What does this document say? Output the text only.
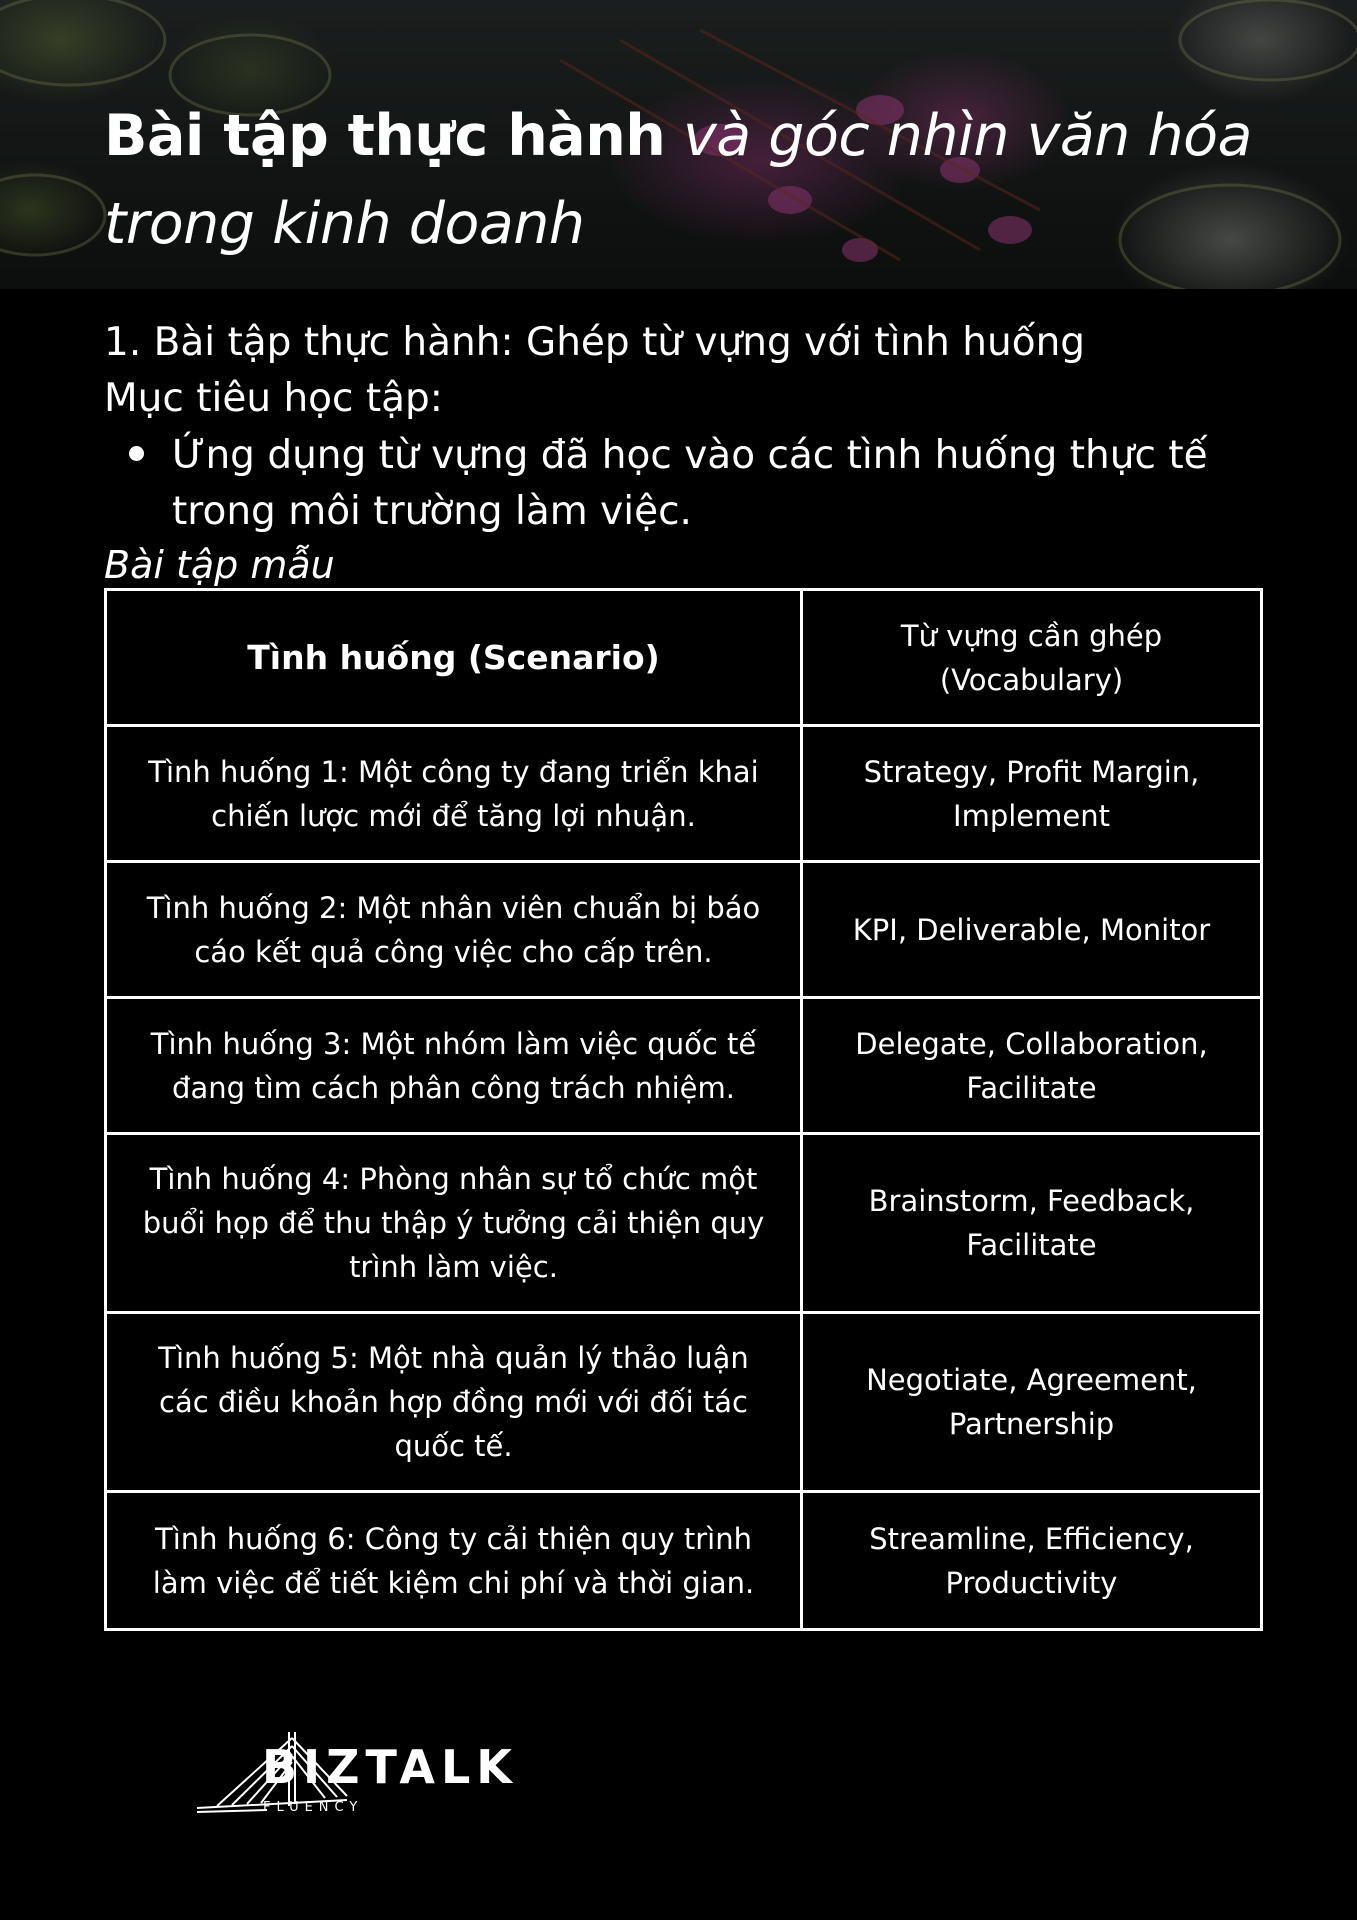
Bài tập thực hành và góc nhìn văn hóa
trong kinh doanh

1. Bài tập thực hành: Ghép từ vựng với tình huống

Mục tiêu học tập:

Ứng dụng từ vựng đã học vào các tình huống thực tế trong môi trường làm việc.

Bài tập mẫu

Tình huống (Scenario)	Từ vựng cần ghép (Vocabulary)
Tình huống 1: Một công ty đang triển khai chiến lược mới để tăng lợi nhuận.	Strategy, Profit Margin, Implement
Tình huống 2: Một nhân viên chuẩn bị báo cáo kết quả công việc cho cấp trên.	KPI, Deliverable, Monitor
Tình huống 3: Một nhóm làm việc quốc tế đang tìm cách phân công trách nhiệm.	Delegate, Collaboration, Facilitate
Tình huống 4: Phòng nhân sự tổ chức một buổi họp để thu thập ý tưởng cải thiện quy trình làm việc.	Brainstorm, Feedback, Facilitate
Tình huống 5: Một nhà quản lý thảo luận các điều khoản hợp đồng mới với đối tác quốc tế.	Negotiate, Agreement, Partnership
Tình huống 6: Công ty cải thiện quy trình làm việc để tiết kiệm chi phí và thời gian.	Streamline, Efficiency, Productivity

BIZTALK

FLUENCY
